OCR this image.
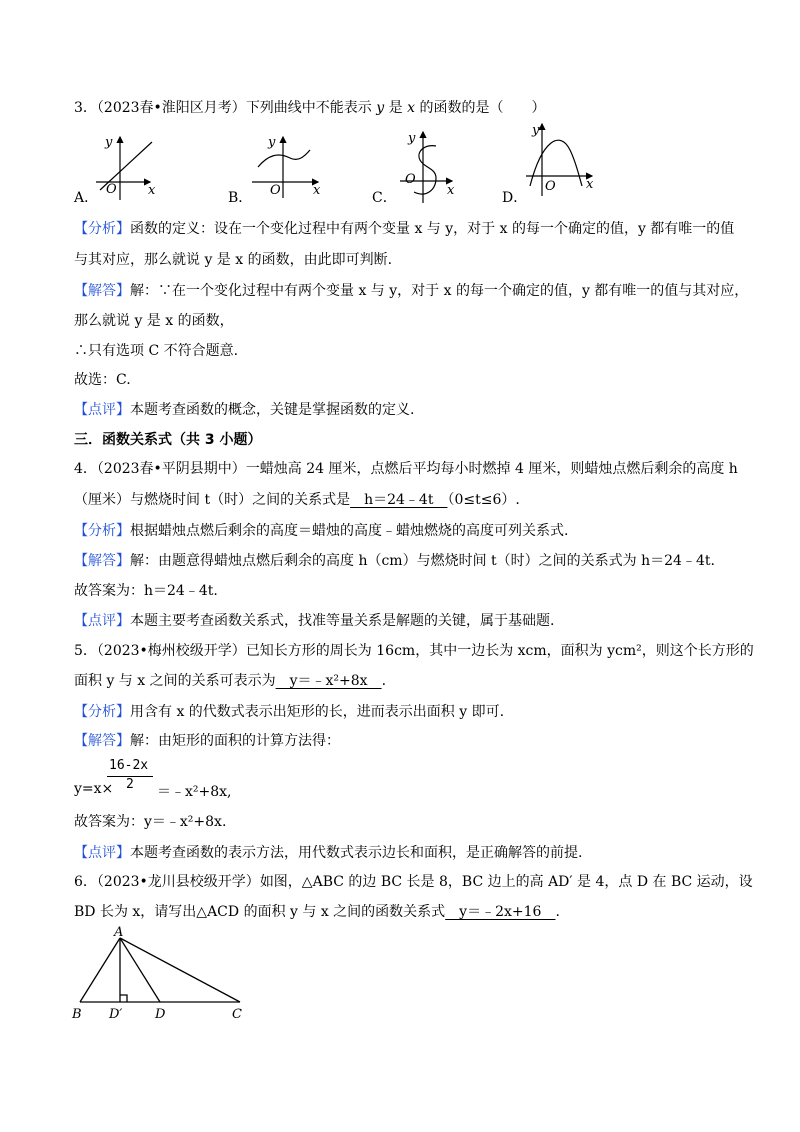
3．（2023春•淮阳区月考）下列曲线中不能表示 y 是 x 的函数的是（　　）
y
O x
y
O x
y
O
x
y
O x
A．	B．	C．	D．
【分析】函数的定义：设在一个变化过程中有两个变量 x 与 y，对于 x 的每一个确定的值，y 都有唯一的值
与其对应，那么就说 y 是 x 的函数，由此即可判断.
【解答】解：∵在一个变化过程中有两个变量 x 与 y，对于 x 的每一个确定的值，y 都有唯一的值与其对应，
那么就说 y 是 x 的函数，
∴只有选项 C 不符合题意.
故选：C.
【点评】本题考查函数的概念，关键是掌握函数的定义.
三．函数关系式（共 3 小题）
4．（2023春•平阴县期中）一蜡烛高 24 厘米，点燃后平均每小时燃掉 4 厘米，则蜡烛点燃后剩余的高度 h
（厘米）与燃烧时间 t（时）之间的关系式是　h＝24﹣4t　（0≤t≤6）.
【分析】根据蜡烛点燃后剩余的高度＝蜡烛的高度﹣蜡烛燃烧的高度可列关系式.
【解答】解：由题意得蜡烛点燃后剩余的高度 h（cm）与燃烧时间 t（时）之间的关系式为 h＝24﹣4t.
故答案为：h＝24﹣4t.
【点评】本题主要考查函数关系式，找准等量关系是解题的关键，属于基础题.
5．（2023•梅州校级开学）已知长方形的周长为 16cm，其中一边长为 xcm，面积为 ycm²，则这个长方形的
面积 y 与 x 之间的关系可表示为　y＝﹣x²+8x　.
【分析】用含有 x 的代数式表示出矩形的长，进而表示出面积 y 即可.
【解答】解：由矩形的面积的计算方法得：
y=x×
16-2x
2 ＝﹣x²+8x,
故答案为：y＝﹣x²+8x.
【点评】本题考查函数的表示方法，用代数式表示边长和面积，是正确解答的前提.
6．（2023•龙川县校级开学）如图，△ABC 的边 BC 长是 8，BC 边上的高 AD′ 是 4，点 D 在 BC 运动，设
BD 长为 x，请写出△ACD 的面积 y 与 x 之间的函数关系式　y＝﹣2x+16　.
A
B D′	D	C
